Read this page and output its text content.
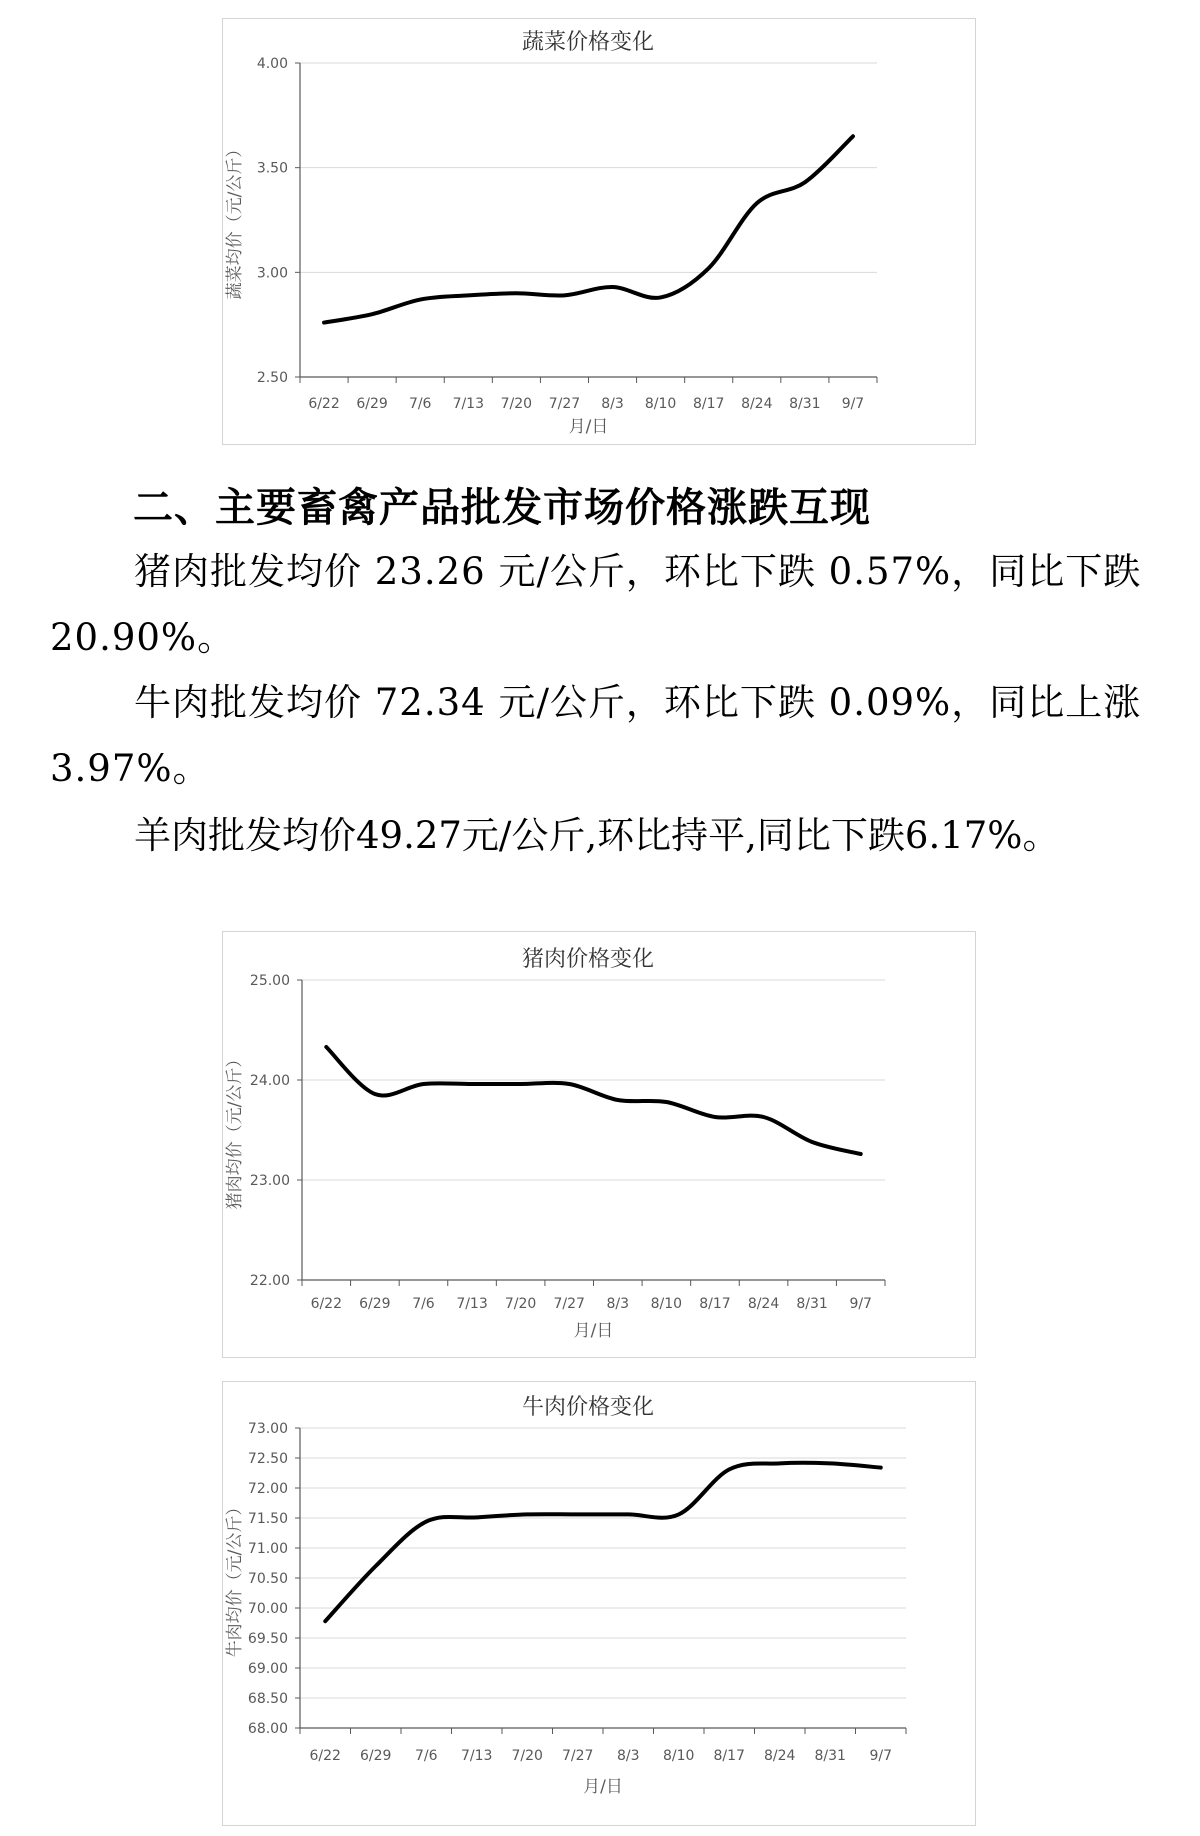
蔬菜价格变化
2.50
3.00
3.50
4.00
6/22 6/29 7/6 7/13 7/20 7/27 8/3 8/10 8/17 8/24 8/31 9/7
月/日
蔬菜均价（元/公斤）
二、主要畜禽产品批发市场价格涨跌互现
猪肉批发均价 23.26 元/公斤，环比下跌 0.57%，同比下跌 20.90%。
牛肉批发均价 72.34 元/公斤，环比下跌 0.09%，同比上涨 3.97%。
羊肉批发均价49.27元/公斤,环比持平,同比下跌6.17%。
猪肉价格变化
22.00
23.00
24.00
25.00
6/22 6/29 7/6 7/13 7/20 7/27 8/3 8/10 8/17 8/24 8/31 9/7
月/日
猪肉均价（元/公斤）
牛肉价格变化
68.00
68.50
69.00
69.50
70.00
70.50
71.00
71.50
72.00
72.50
73.00
6/22 6/29 7/6 7/13 7/20 7/27 8/3 8/10 8/17 8/24 8/31 9/7
月/日
牛肉均价（元/公斤）
